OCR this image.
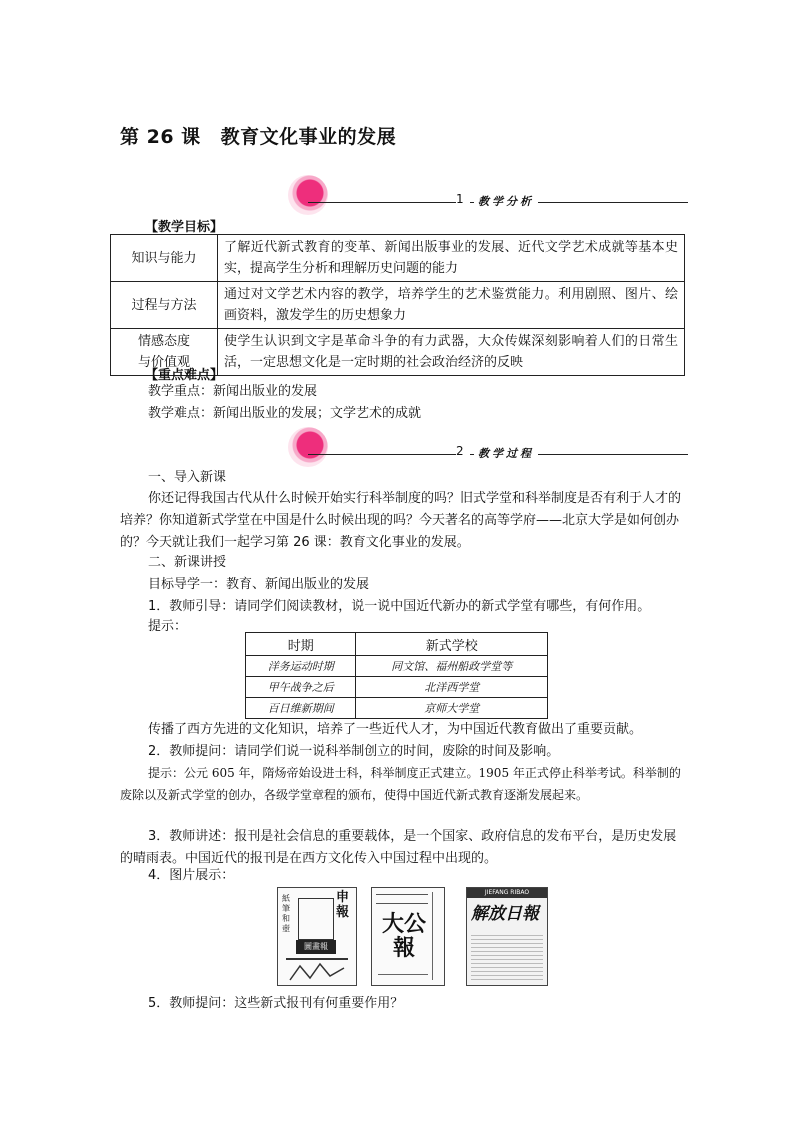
第 26 课 教育文化事业的发展
1	教学分析
【教学目标】
知识与能力	了解近代新式教育的变革、新闻出版事业的发展、近代文学艺术成就等基本史实，提高学生分析和理解历史问题的能力
过程与方法	通过对文学艺术内容的教学，培养学生的艺术鉴赏能力。利用剧照、图片、绘画资料，激发学生的历史想象力

情感态度
与价值观	使学生认识到文字是革命斗争的有力武器，大众传媒深刻影响着人们的日常生活，一定思想文化是一定时期的社会政治经济的反映
【重点难点】
教学重点：新闻出版业的发展
教学难点：新闻出版业的发展；文学艺术的成就
2	教学过程
一、导入新课
你还记得我国古代从什么时候开始实行科举制度的吗？旧式学堂和科举制度是否有利于人才的培养？你知道新式学堂在中国是什么时候出现的吗？今天著名的高等学府——北京大学是如何创办的？今天就让我们一起学习第 26 课：教育文化事业的发展。
二、新课讲授
目标导学一：教育、新闻出版业的发展
1．教师引导：请同学们阅读教材，说一说中国近代新办的新式学堂有哪些，有何作用。
提示：
时期	新式学校
洋务运动时期	同文馆、福州船政学堂等
甲午战争之后	北洋西学堂
百日维新期间	京师大学堂
传播了西方先进的文化知识，培养了一些近代人才，为中国近代教育做出了重要贡献。
2．教师提问：请同学们说一说科举制创立的时间，废除的时间及影响。
提示：公元 605 年，隋炀帝始设进士科，科举制度正式建立。1905 年正式停止科举考试。科举制的废除以及新式学堂的创办，各级学堂章程的颁布，使得中国近代新式教育逐渐发展起来。
3．教师讲述：报刊是社会信息的重要载体，是一个国家、政府信息的发布平台，是历史发展的晴雨表。中国近代的报刊是在西方文化传入中国过程中出现的。
4．图片展示：
申報
紙筆和壺
圖畫報
大公報
JIEFANG RIBAO
解放日報
5．教师提问：这些新式报刊有何重要作用？
